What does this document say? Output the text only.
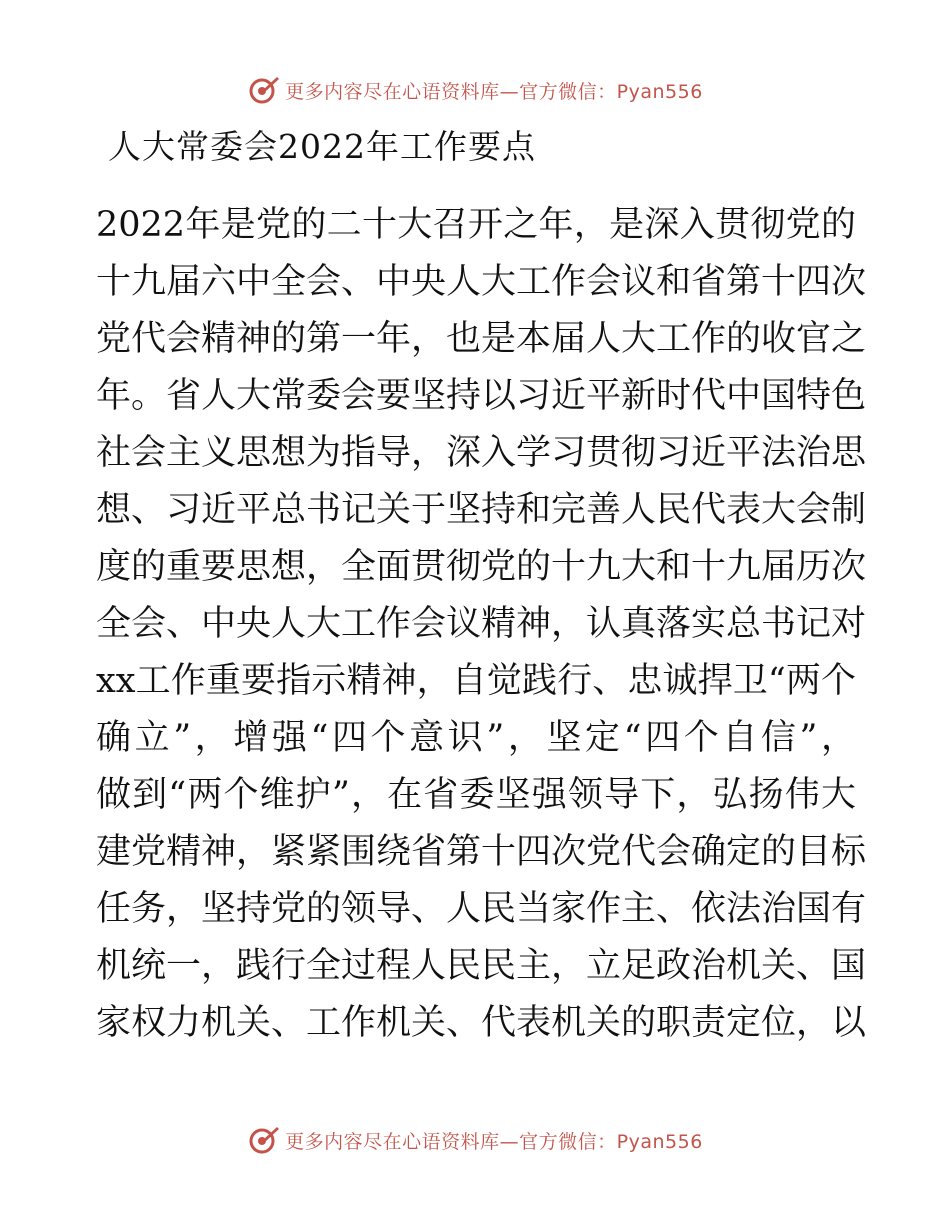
更多内容尽在心语资料库—官方微信：Pyan556
人大常委会2022年工作要点
2022年是党的二十大召开之年，是深入贯彻党的
十九届六中全会、中央人大工作会议和省第十四次
党代会精神的第一年，也是本届人大工作的收官之
年。省人大常委会要坚持以习近平新时代中国特色
社会主义思想为指导，深入学习贯彻习近平法治思
想、习近平总书记关于坚持和完善人民代表大会制
度的重要思想，全面贯彻党的十九大和十九届历次
全会、中央人大工作会议精神，认真落实总书记对
xx工作重要指示精神，自觉践行、忠诚捍卫“两个
确立”，增强“四个意识”，坚定“四个自信”，
做到“两个维护”，在省委坚强领导下，弘扬伟大
建党精神，紧紧围绕省第十四次党代会确定的目标
任务，坚持党的领导、人民当家作主、依法治国有
机统一，践行全过程人民民主，立足政治机关、国
家权力机关、工作机关、代表机关的职责定位，以
更多内容尽在心语资料库—官方微信：Pyan556
